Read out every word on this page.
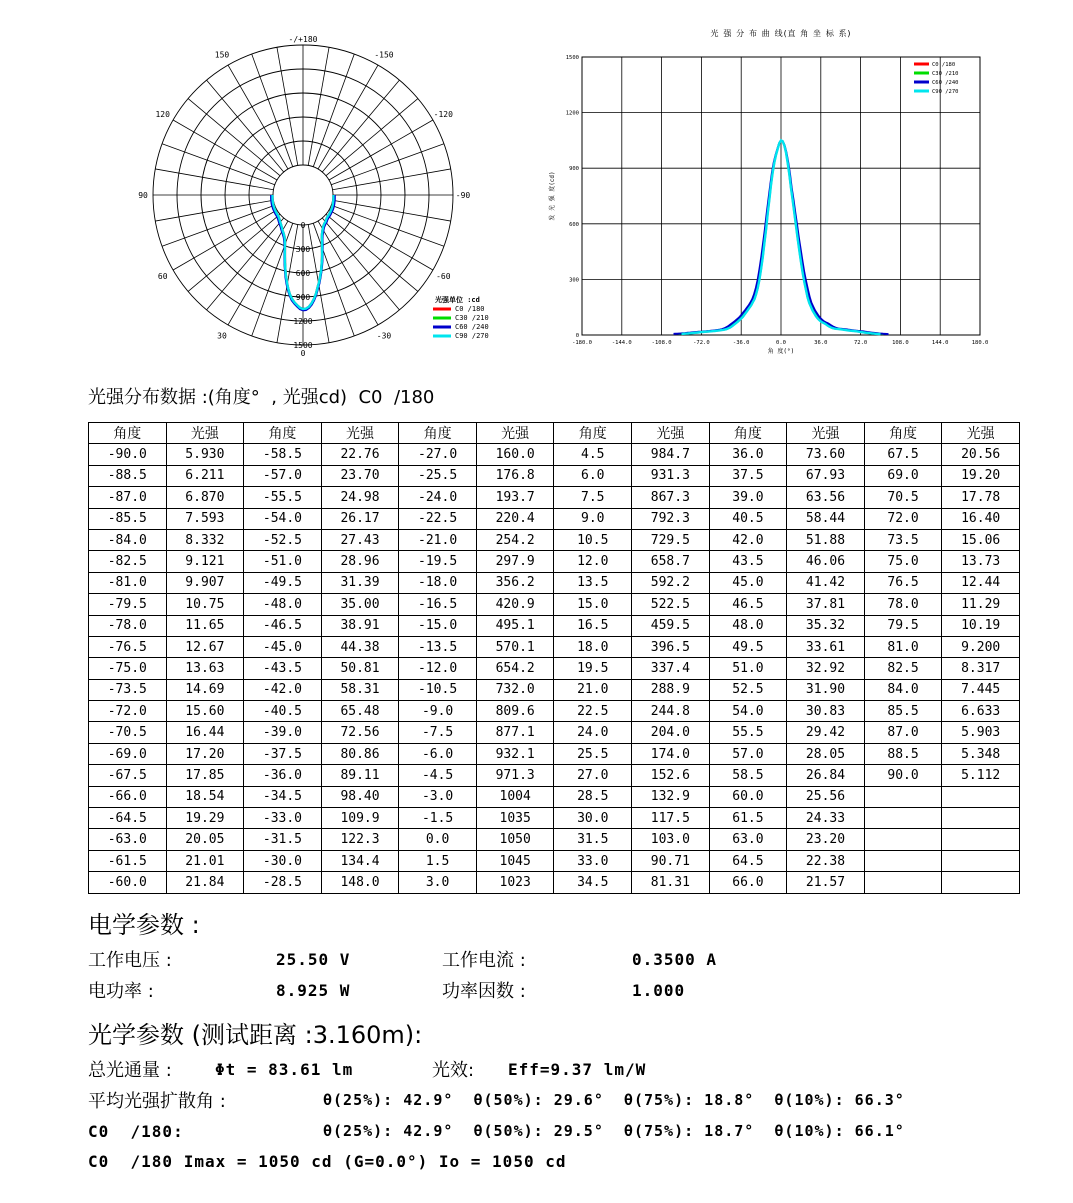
0
30	-30
60	-60
90	-90
120	-120
150	-150
-/+180
0
300
600
900
1200
1500
光强单位 :cd
C0 /180
C30 /210
C60 /240
C90 /270
光 强 分 布 曲 线(直 角 坐 标 系)
-180.0	-144.0	-108.0	-72.0	-36.0	0.0	36.0	72.0	108.0	144.0	180.0
0
300
600
900
1200
1500
角 度(°)
发 光 强 度(cd)
C0 /180
C30 /210
C60 /240
C90 /270
光强分布数据 :(角度°  , 光强cd)  C0  /180
角度	光强	角度	光强	角度	光强	角度	光强	角度	光强	角度	光强
-90.0	5.930	-58.5	22.76	-27.0	160.0	4.5	984.7	36.0	73.60	67.5	20.56
-88.5	6.211	-57.0	23.70	-25.5	176.8	6.0	931.3	37.5	67.93	69.0	19.20
-87.0	6.870	-55.5	24.98	-24.0	193.7	7.5	867.3	39.0	63.56	70.5	17.78
-85.5	7.593	-54.0	26.17	-22.5	220.4	9.0	792.3	40.5	58.44	72.0	16.40
-84.0	8.332	-52.5	27.43	-21.0	254.2	10.5	729.5	42.0	51.88	73.5	15.06
-82.5	9.121	-51.0	28.96	-19.5	297.9	12.0	658.7	43.5	46.06	75.0	13.73
-81.0	9.907	-49.5	31.39	-18.0	356.2	13.5	592.2	45.0	41.42	76.5	12.44
-79.5	10.75	-48.0	35.00	-16.5	420.9	15.0	522.5	46.5	37.81	78.0	11.29
-78.0	11.65	-46.5	38.91	-15.0	495.1	16.5	459.5	48.0	35.32	79.5	10.19
-76.5	12.67	-45.0	44.38	-13.5	570.1	18.0	396.5	49.5	33.61	81.0	9.200
-75.0	13.63	-43.5	50.81	-12.0	654.2	19.5	337.4	51.0	32.92	82.5	8.317
-73.5	14.69	-42.0	58.31	-10.5	732.0	21.0	288.9	52.5	31.90	84.0	7.445
-72.0	15.60	-40.5	65.48	-9.0	809.6	22.5	244.8	54.0	30.83	85.5	6.633
-70.5	16.44	-39.0	72.56	-7.5	877.1	24.0	204.0	55.5	29.42	87.0	5.903
-69.0	17.20	-37.5	80.86	-6.0	932.1	25.5	174.0	57.0	28.05	88.5	5.348
-67.5	17.85	-36.0	89.11	-4.5	971.3	27.0	152.6	58.5	26.84	90.0	5.112
-66.0	18.54	-34.5	98.40	-3.0	1004	28.5	132.9	60.0	25.56		
-64.5	19.29	-33.0	109.9	-1.5	1035	30.0	117.5	61.5	24.33		
-63.0	20.05	-31.5	122.3	0.0	1050	31.5	103.0	63.0	23.20		
-61.5	21.01	-30.0	134.4	1.5	1045	33.0	90.71	64.5	22.38		
-60.0	21.84	-28.5	148.0	3.0	1023	34.5	81.31	66.0	21.57		
电学参数 :
工作电压 :	25.50 V	工作电流 :	0.3500 A
电功率 :	8.925 W	功率因数 :	1.000
光学参数 (测试距离 :3.160m):
总光通量 :	Φt = 83.61 lm	光效: Eff=9.37 lm/W
平均光强扩散角 :	θ(25%): 42.9°  θ(50%): 29.6°  θ(75%): 18.8°  θ(10%): 66.3°
C0  /180:	θ(25%): 42.9°  θ(50%): 29.5°  θ(75%): 18.7°  θ(10%): 66.1°
C0  /180 Imax = 1050 cd (G=0.0°) Io = 1050 cd
